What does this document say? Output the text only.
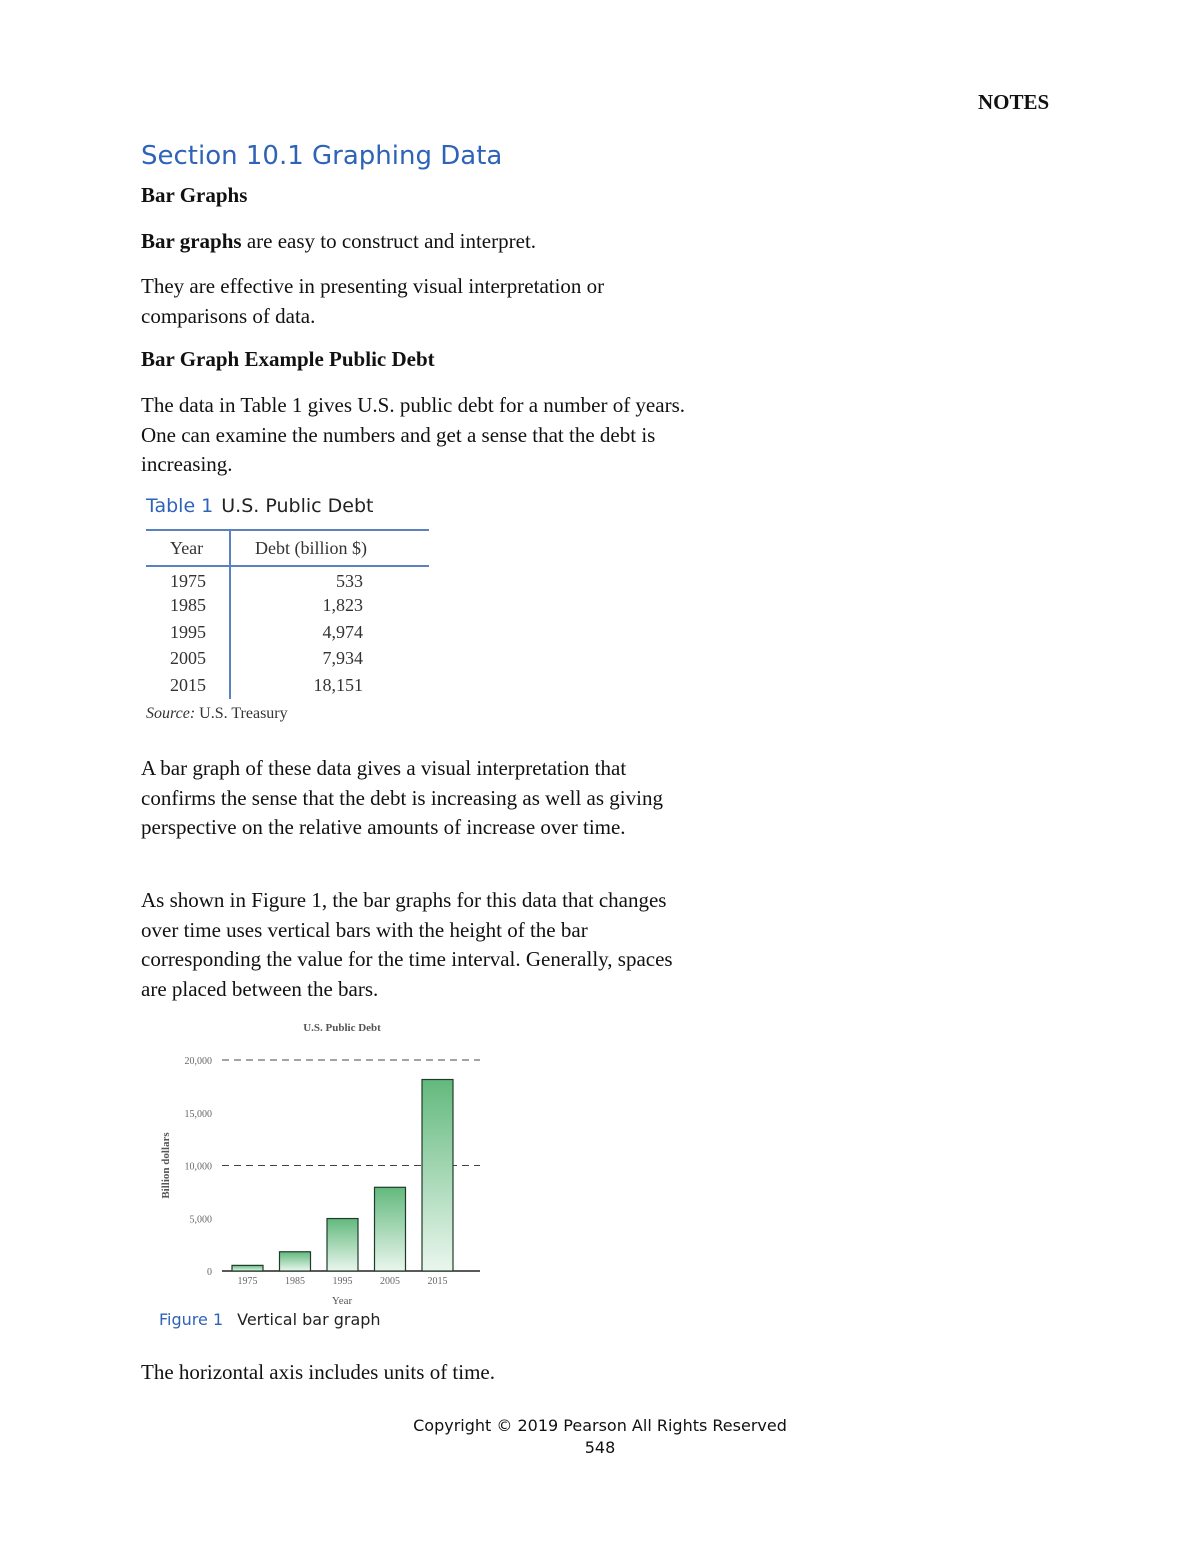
NOTES
Section 10.1 Graphing Data
Bar Graphs

Bar graphs are easy to construct and interpret.

They are effective in presenting visual interpretation or comparisons of data.

Bar Graph Example Public Debt

The data in Table 1 gives U.S. public debt for a number of years. One can examine the numbers and get a sense that the debt is increasing.

Table 1 U.S. Public Debt
Year	Debt (billion $)
1975	533
1985	1,823
1995	4,974
2005	7,934
2015	18,151
Source: U.S. Treasury

A bar graph of these data gives a visual interpretation that confirms the sense that the debt is increasing as well as giving perspective on the relative amounts of increase over time.

As shown in Figure 1, the bar graphs for this data that changes over time uses vertical bars with the height of the bar corresponding the value for the time interval. Generally, spaces are placed between the bars.

U.S. Public Debt
Billion dollars
Year
0
5,000
10,000
15,000
20,000
1975	1985	1995	2005	2015
Figure 1 Vertical bar graph

The horizontal axis includes units of time.

Copyright © 2019 Pearson All Rights Reserved
548
